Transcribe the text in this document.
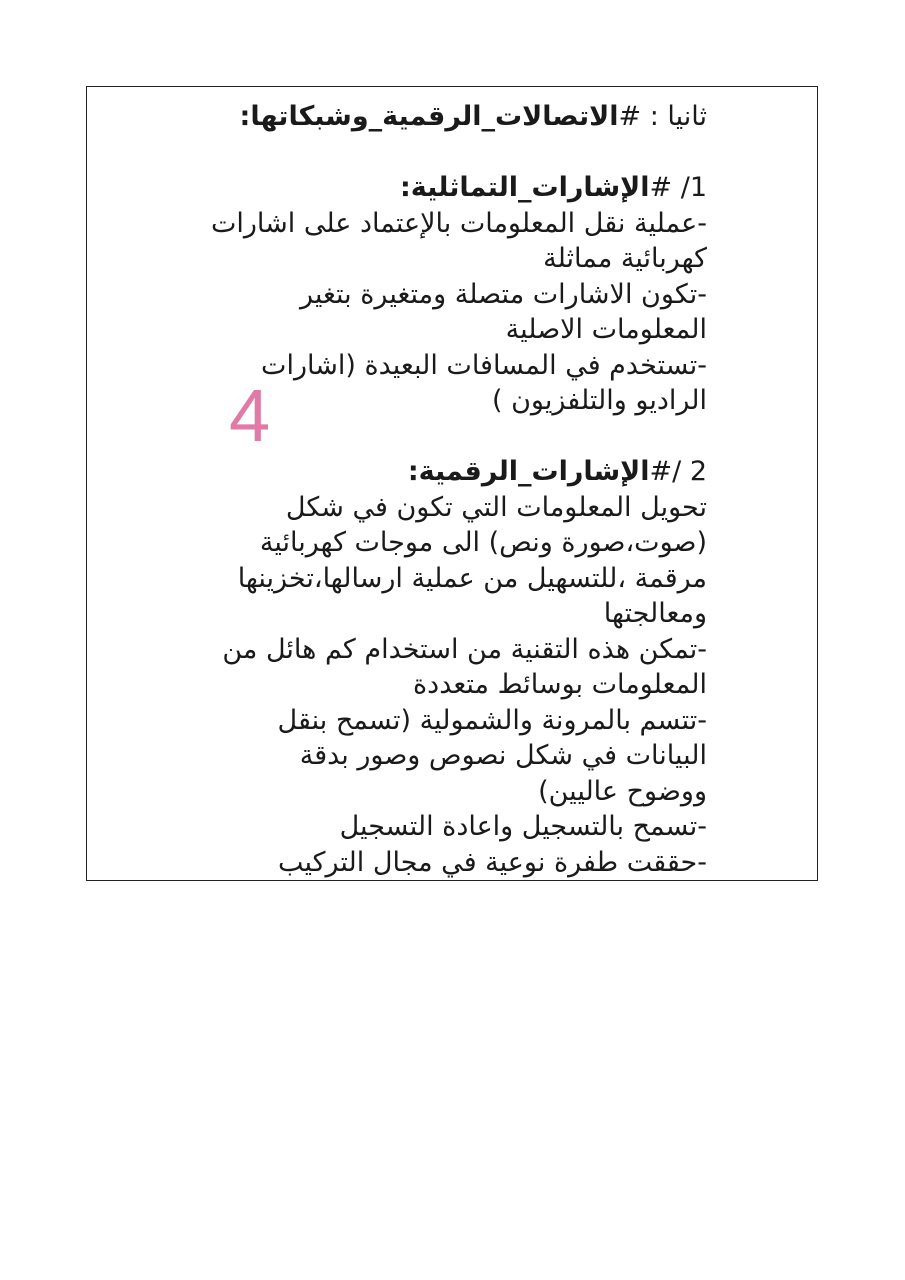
4
ثانيا : #الاتصالات_الرقمية_وشبكاتها:
1/ #الإشارات_التماثلية:
-عملية نقل المعلومات بالإعتماد على اشارات
كهربائية مماثلة
-تكون الاشارات متصلة ومتغيرة بتغير
المعلومات الاصلية
-تستخدم في المسافات البعيدة (اشارات
الراديو والتلفزيون )
2 /#الإشارات_الرقمية:
تحويل المعلومات التي تكون في شكل
(صوت،صورة ونص) الى موجات كهربائية
مرقمة ،للتسهيل من عملية ارسالها،تخزينها
ومعالجتها
-تمكن هذه التقنية من استخدام كم هائل من
المعلومات بوسائط متعددة
-تتسم بالمرونة والشمولية (تسمح بنقل
البيانات في شكل نصوص وصور بدقة
ووضوح عاليين)
-تسمح بالتسجيل واعادة التسجيل
-حققت طفرة نوعية في مجال التركيب
